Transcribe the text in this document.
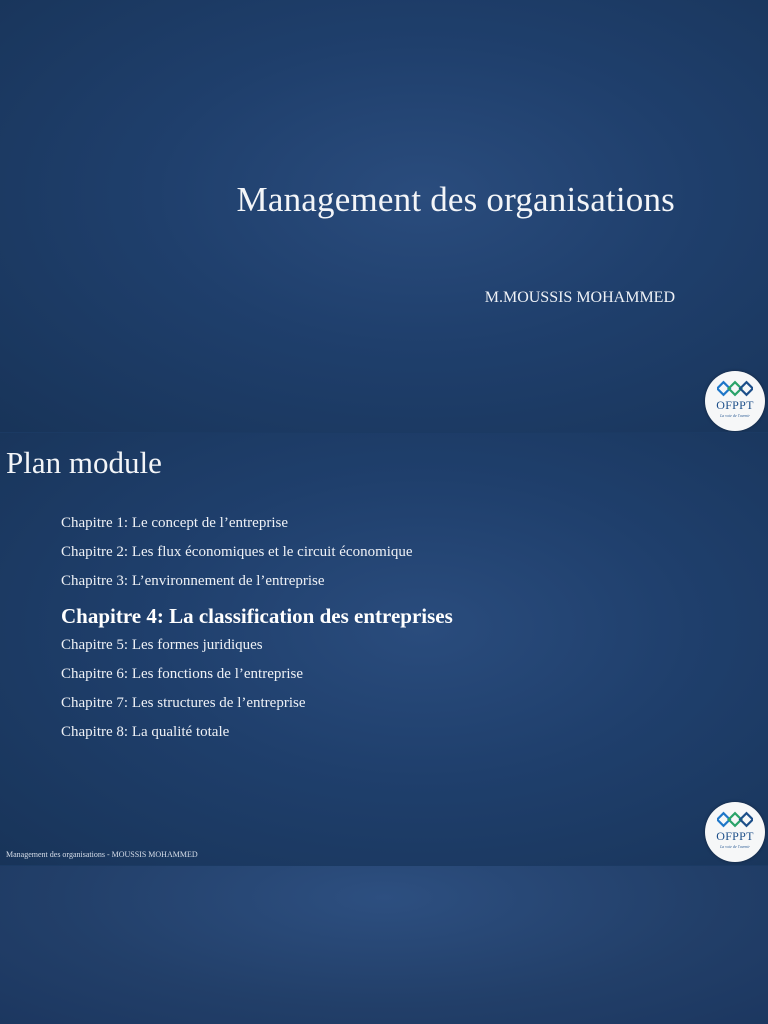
Management des organisations
M.MOUSSIS MOHAMMED
OFPPT
La voie de l'avenir
Plan module
Chapitre 1: Le concept de l’entreprise
Chapitre 2: Les flux économiques et le circuit économique
Chapitre 3: L’environnement de l’entreprise
Chapitre 4: La classification des entreprises
Chapitre 5: Les formes juridiques
Chapitre 6: Les fonctions de l’entreprise
Chapitre 7: Les structures de l’entreprise
Chapitre 8: La qualité totale
Management des organisations - MOUSSIS MOHAMMED
OFPPT
La voie de l'avenir
